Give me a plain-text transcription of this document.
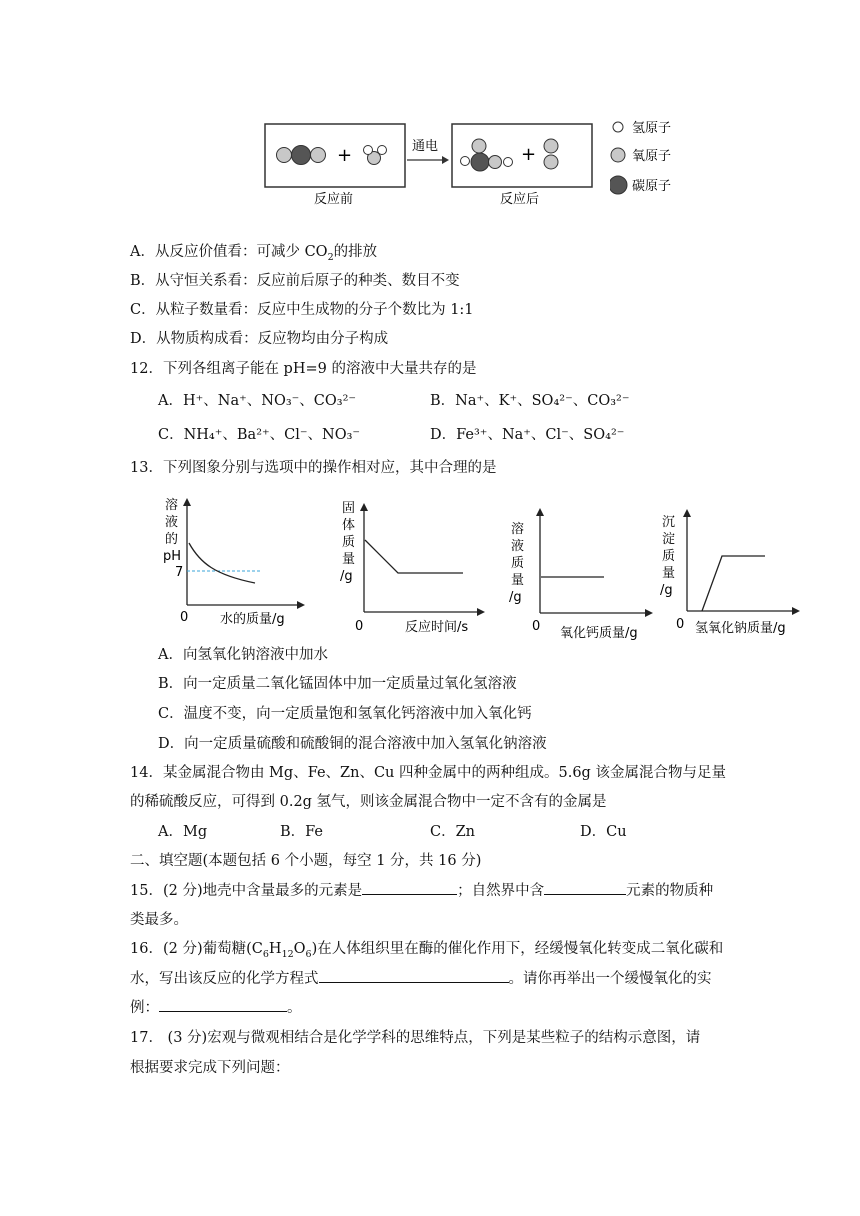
+	通电	+
反应前	反应后
氢原子
氧原子
碳原子
A．从反应价值看：可减少 $CO_2$的排放
B．从守恒关系看：反应前后原子的种类、数目不变
C．从粒子数量看：反应中生成物的分子个数比为 1:1
D．从物质构成看：反应物均由分子构成
12．下列各组离子能在 pH=9 的溶液中大量共存的是
A．H⁺、Na⁺、NO₃⁻、CO₃²⁻	B．Na⁺、K⁺、SO₄²⁻、CO₃²⁻
C．NH₄⁺、Ba²⁺、Cl⁻、NO₃⁻	D．Fe³⁺、Na⁺、Cl⁻、SO₄²⁻
13．下列图象分别与选项中的操作相对应，其中合理的是
溶
液
的
pH
7
0 水的质量/g
固
体
质
量
/g
0	反应时间/s
溶
液
质
量
/g
0 氧化钙质量/g
沉
淀
质
量
/g
0 氢氧化钠质量/g
A．向氢氧化钠溶液中加水
B．向一定质量二氧化锰固体中加一定质量过氧化氢溶液
C．温度不变，向一定质量饱和氢氧化钙溶液中加入氧化钙
D．向一定质量硫酸和硫酸铜的混合溶液中加入氢氧化钠溶液
14．某金属混合物由 Mg、Fe、Zn、Cu 四种金属中的两种组成。5.6g 该金属混合物与足量
的稀硫酸反应，可得到 0.2g 氢气，则该金属混合物中一定不含有的金属是
A．Mg	B．Fe	C．Zn	D．Cu
二、填空题(本题包括 6 个小题，每空 1 分，共 16 分)
15．(2 分)地壳中含量最多的元素是	；自然界中含	元素的物质种
类最多。
16．(2 分)葡萄糖$(C_6H_{12}O_6)$在人体组织里在酶的催化作用下，经缓慢氧化转变成二氧化碳和
水，写出该反应的化学方程式	。请你再举出一个缓慢氧化的实
例：	。
17． (3 分)宏观与微观相结合是化学学科的思维特点，下列是某些粒子的结构示意图，请
根据要求完成下列问题：
